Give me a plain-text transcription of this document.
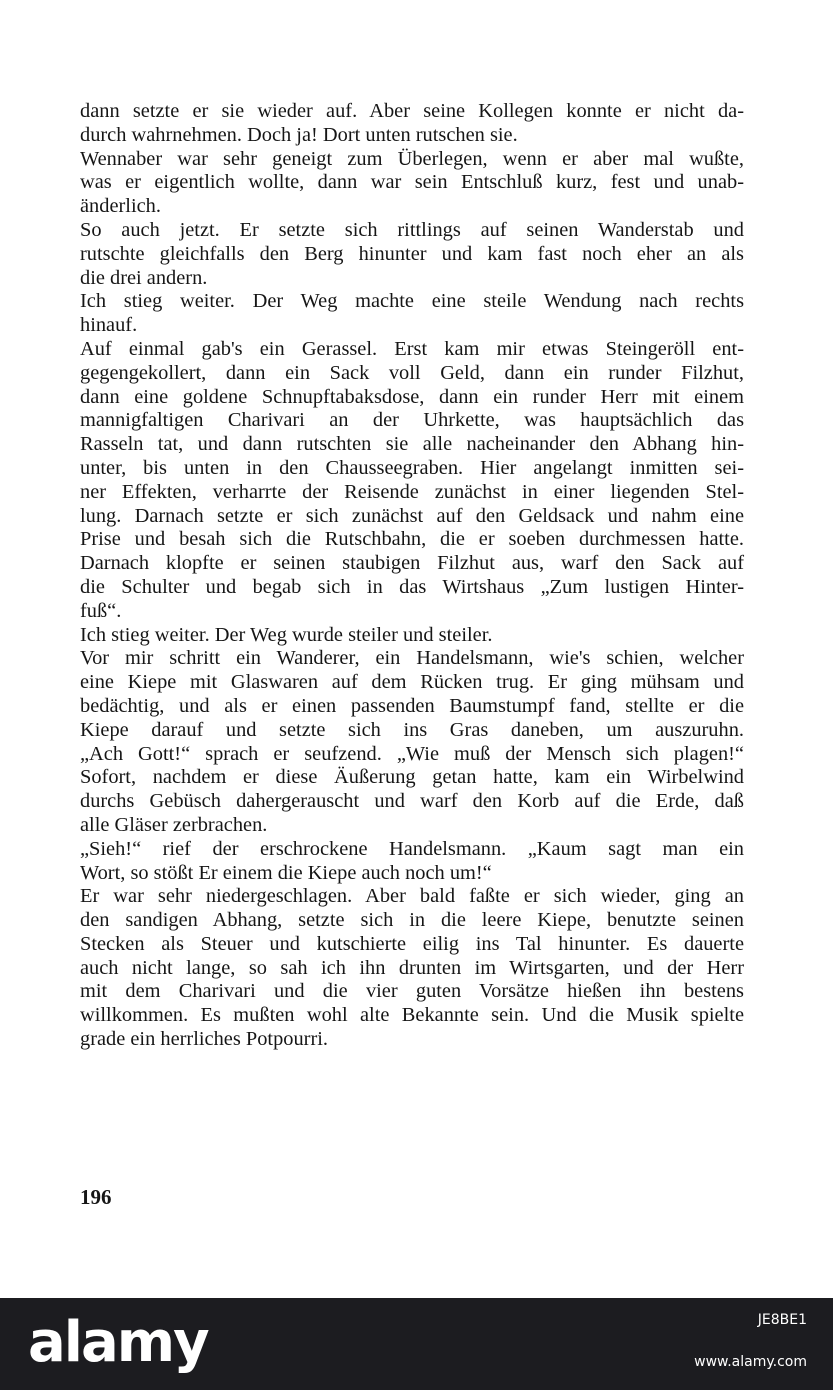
dann setzte er sie wieder auf. Aber seine Kollegen konnte er nicht da-
durch wahrnehmen. Doch ja! Dort unten rutschen sie.
Wennaber war sehr geneigt zum Überlegen, wenn er aber mal wußte,
was er eigentlich wollte, dann war sein Entschluß kurz, fest und unab-
änderlich.
So auch jetzt. Er setzte sich rittlings auf seinen Wanderstab und
rutschte gleichfalls den Berg hinunter und kam fast noch eher an als
die drei andern.
Ich stieg weiter. Der Weg machte eine steile Wendung nach rechts
hinauf.
Auf einmal gab's ein Gerassel. Erst kam mir etwas Steingeröll ent-
gegengekollert, dann ein Sack voll Geld, dann ein runder Filzhut,
dann eine goldene Schnupftabaksdose, dann ein runder Herr mit einem
mannigfaltigen Charivari an der Uhrkette, was hauptsächlich das
Rasseln tat, und dann rutschten sie alle nacheinander den Abhang hin-
unter, bis unten in den Chausseegraben. Hier angelangt inmitten sei-
ner Effekten, verharrte der Reisende zunächst in einer liegenden Stel-
lung. Darnach setzte er sich zunächst auf den Geldsack und nahm eine
Prise und besah sich die Rutschbahn, die er soeben durchmessen hatte.
Darnach klopfte er seinen staubigen Filzhut aus, warf den Sack auf
die Schulter und begab sich in das Wirtshaus „Zum lustigen Hinter-
fuß“.
Ich stieg weiter. Der Weg wurde steiler und steiler.
Vor mir schritt ein Wanderer, ein Handelsmann, wie's schien, welcher
eine Kiepe mit Glaswaren auf dem Rücken trug. Er ging mühsam und
bedächtig, und als er einen passenden Baumstumpf fand, stellte er die
Kiepe darauf und setzte sich ins Gras daneben, um auszuruhn.
„Ach Gott!“ sprach er seufzend. „Wie muß der Mensch sich plagen!“
Sofort, nachdem er diese Äußerung getan hatte, kam ein Wirbelwind
durchs Gebüsch dahergerauscht und warf den Korb auf die Erde, daß
alle Gläser zerbrachen.
„Sieh!“ rief der erschrockene Handelsmann. „Kaum sagt man ein
Wort, so stößt Er einem die Kiepe auch noch um!“
Er war sehr niedergeschlagen. Aber bald faßte er sich wieder, ging an
den sandigen Abhang, setzte sich in die leere Kiepe, benutzte seinen
Stecken als Steuer und kutschierte eilig ins Tal hinunter. Es dauerte
auch nicht lange, so sah ich ihn drunten im Wirtsgarten, und der Herr
mit dem Charivari und die vier guten Vorsätze hießen ihn bestens
willkommen. Es mußten wohl alte Bekannte sein. Und die Musik spielte
grade ein herrliches Potpourri.
196
alamy	JE8BE1
www.alamy.com
